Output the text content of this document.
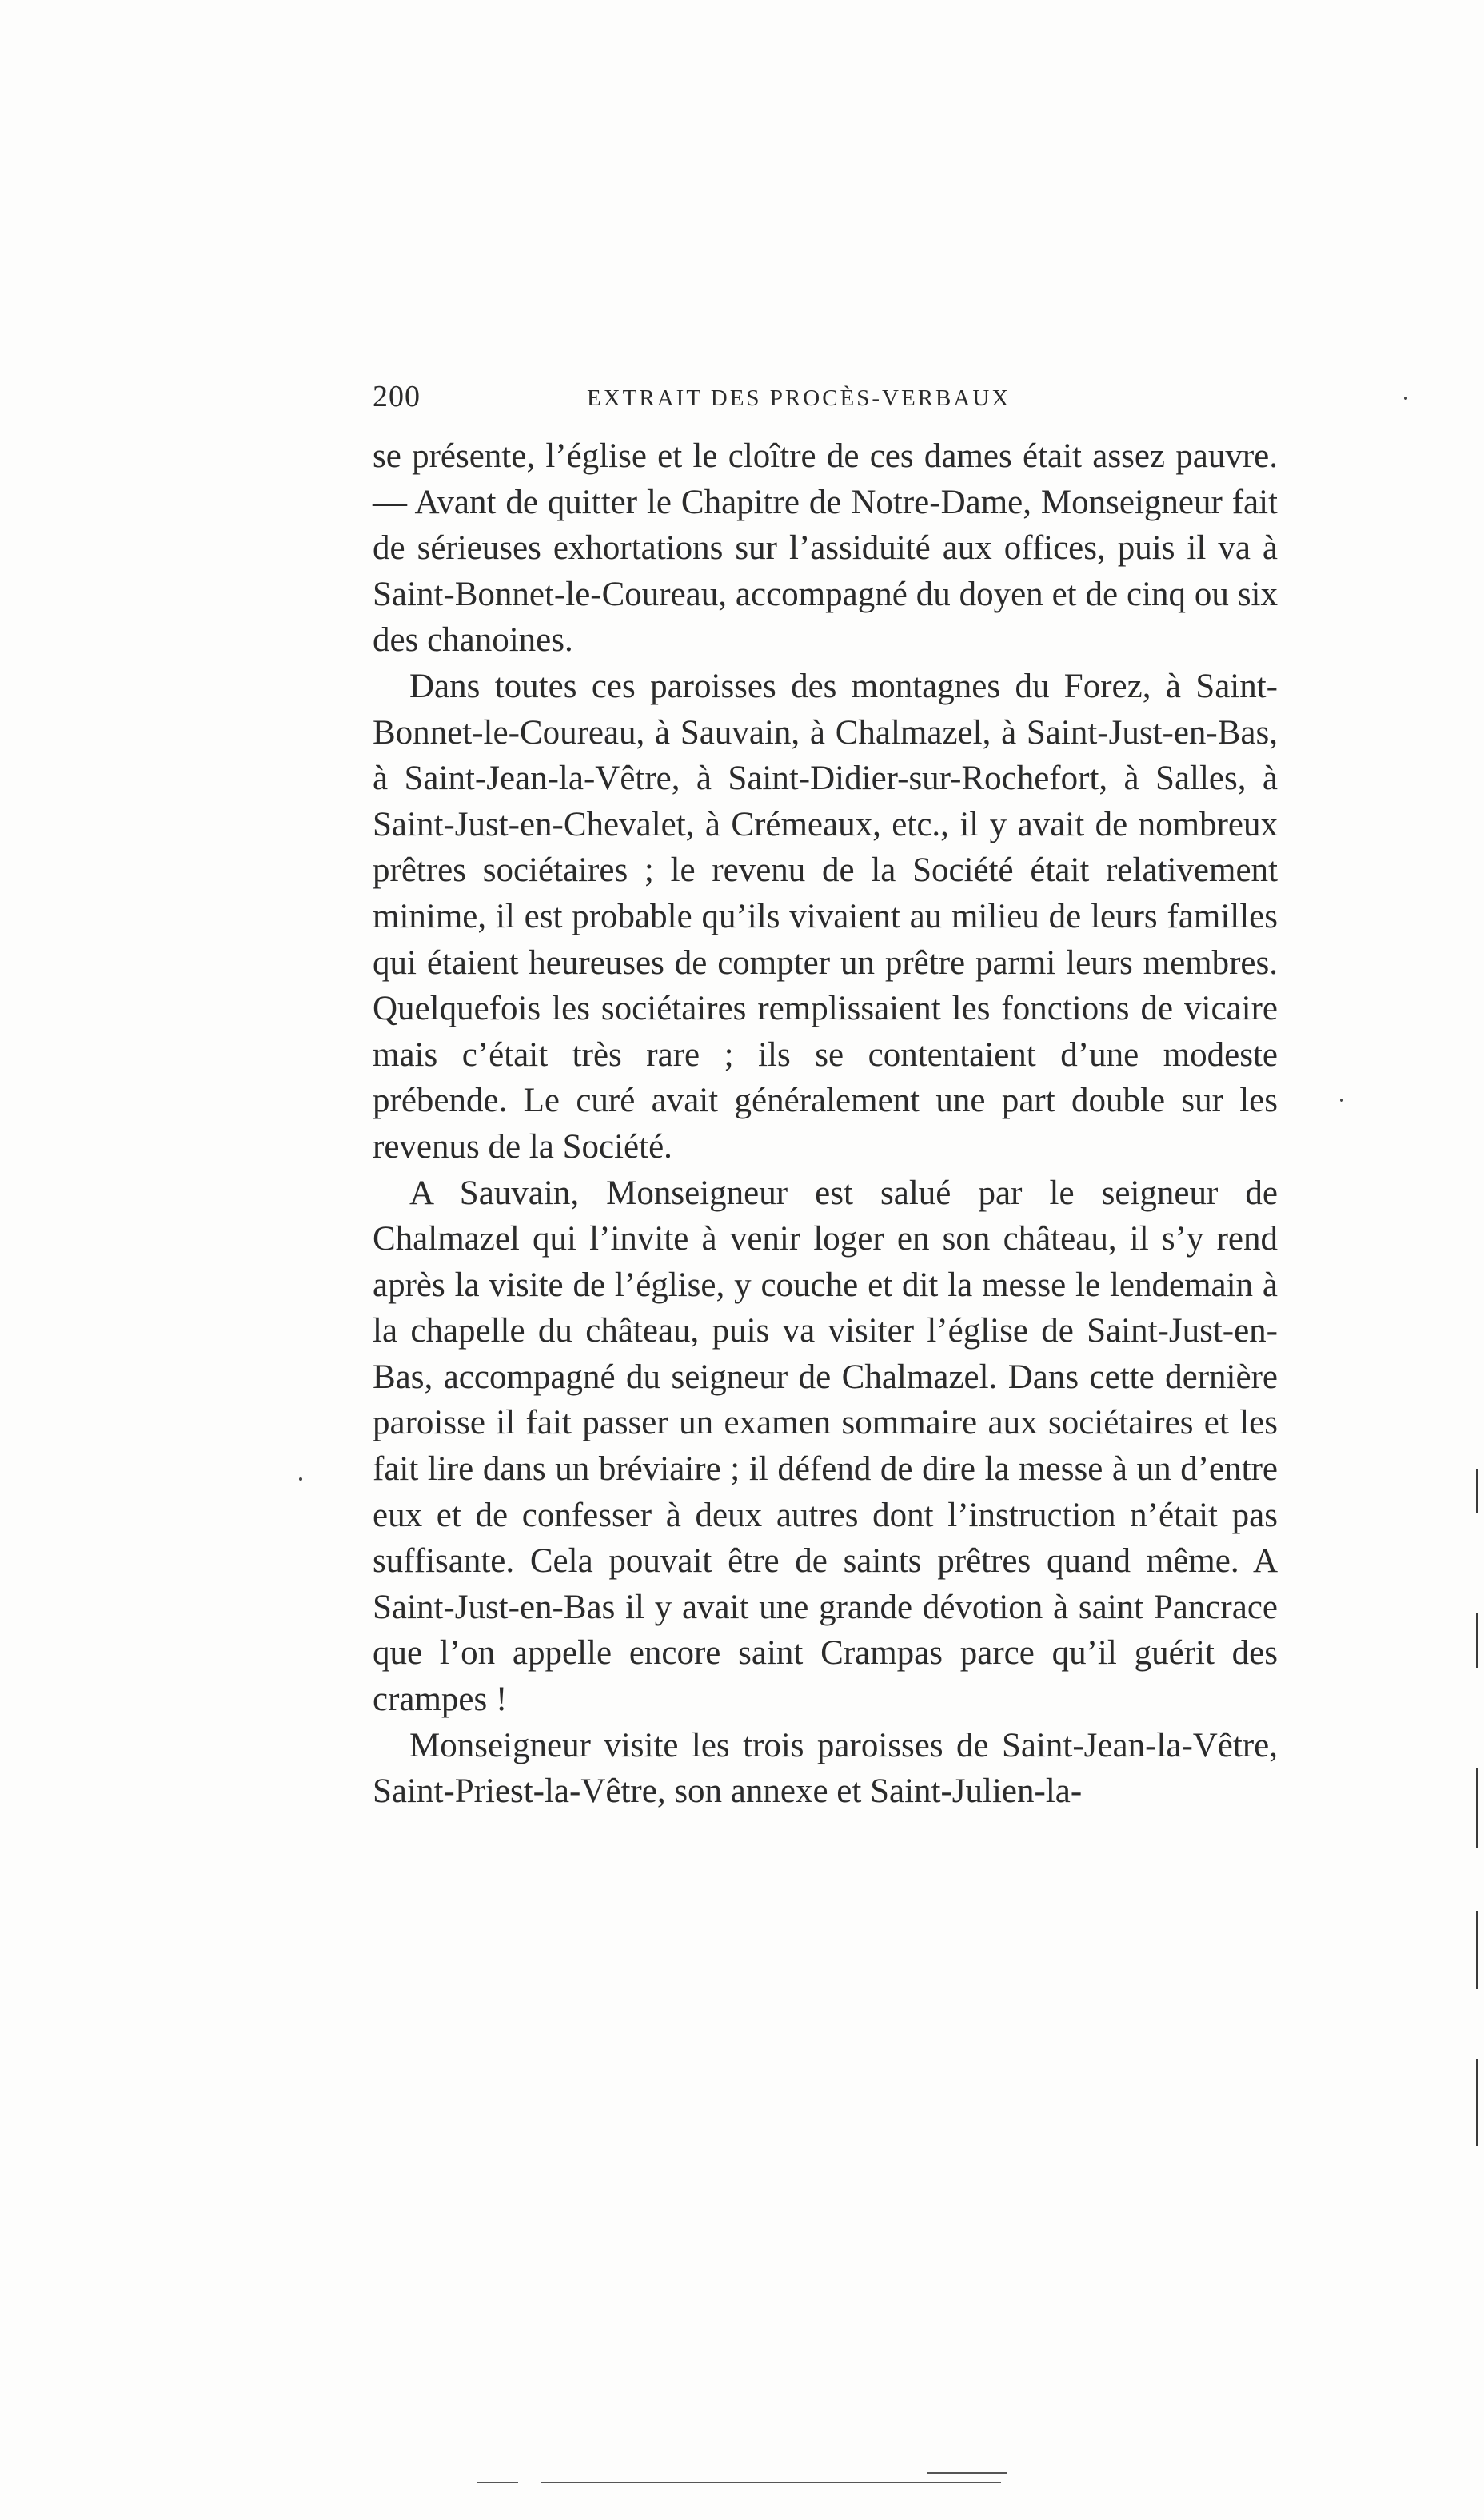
200	EXTRAIT DES PROCÈS-VERBAUX

se présente, l’église et le cloître de ces dames était assez pauvre. — Avant de quitter le Chapitre de Notre-Dame, Monseigneur fait de sérieuses exhortations sur l’assiduité aux offices, puis il va à Saint-Bonnet-le-Coureau, accompagné du doyen et de cinq ou six des chanoines.

Dans toutes ces paroisses des montagnes du Forez, à Saint-Bonnet-le-Coureau, à Sauvain, à Chalmazel, à Saint-Just-en-Bas, à Saint-Jean-la-Vêtre, à Saint-Didier-sur-Rochefort, à Salles, à Saint-Just-en-Chevalet, à Crémeaux, etc., il y avait de nombreux prêtres sociétaires ; le revenu de la Société était relativement minime, il est probable qu’ils vivaient au milieu de leurs familles qui étaient heureuses de compter un prêtre parmi leurs membres. Quelquefois les sociétaires remplissaient les fonctions de vicaire mais c’était très rare ; ils se contentaient d’une modeste prébende. Le curé avait généralement une part double sur les revenus de la Société.

A Sauvain, Monseigneur est salué par le seigneur de Chalmazel qui l’invite à venir loger en son château, il s’y rend après la visite de l’église, y couche et dit la messe le lendemain à la chapelle du château, puis va visiter l’église de Saint-Just-en-Bas, accompagné du seigneur de Chalmazel. Dans cette dernière paroisse il fait passer un examen sommaire aux sociétaires et les fait lire dans un bréviaire ; il défend de dire la messe à un d’entre eux et de confesser à deux autres dont l’instruction n’était pas suffisante. Cela pouvait être de saints prêtres quand même. A Saint-Just-en-Bas il y avait une grande dévotion à saint Pancrace que l’on appelle encore saint Crampas parce qu’il guérit des crampes !

Monseigneur visite les trois paroisses de Saint-Jean-la-Vêtre, Saint-Priest-la-Vêtre, son annexe et Saint-Julien-la-
